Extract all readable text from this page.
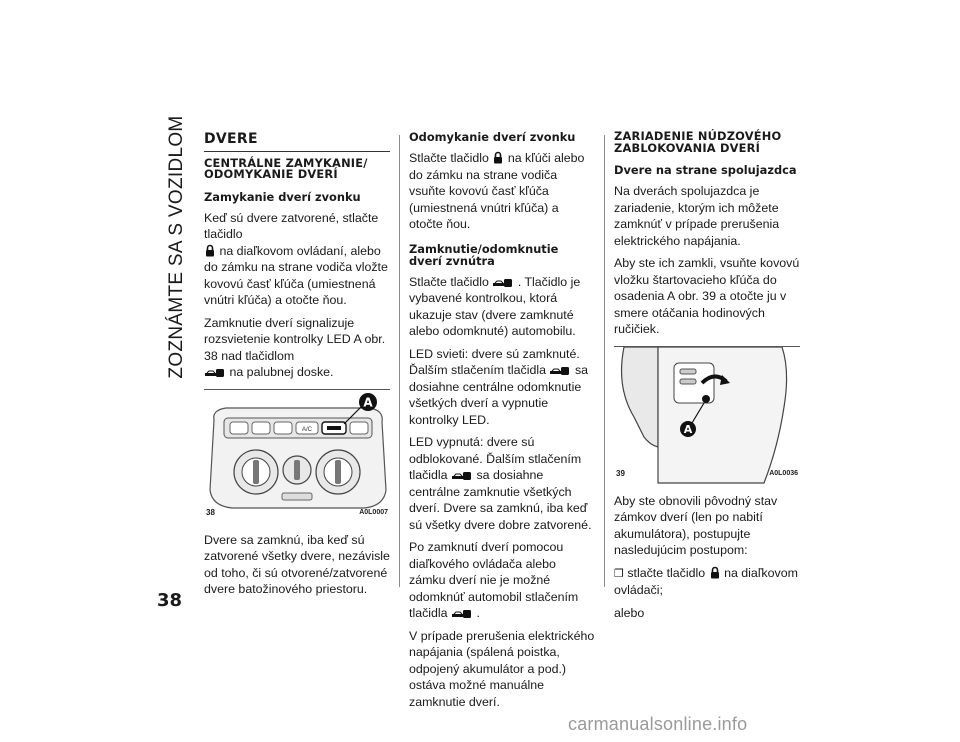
ZOZNÁMTE SA S VOZIDLOM
38
DVERE
CENTRÁLNE ZAMYKANIE/ ODOMYKANIE DVERÍ
Zamykanie dverí zvonku

Keď sú dvere zatvorené, stlačte tlačidlo
na diaľkovom ovládaní, alebo do zámku na strane vodiča vložte kovovú časť kľúča (umiestnená vnútri kľúča) a otočte ňou.

Zamknutie dverí signalizuje rozsvietenie kontrolky LED A obr. 38 nad tlačidlom
na palubnej doske.

A/C
A
38	A0L0007

Dvere sa zamknú, iba keď sú zatvorené všetky dvere, nezávisle od toho, či sú otvorené/zatvorené dvere batožinového priestoru.

Odomykanie dverí zvonku

Stlačte tlačidlo na kľúči alebo do zámku na strane vodiča vsuňte kovovú časť kľúča (umiestnená vnútri kľúča) a otočte ňou.

Zamknutie/odomknutie dverí zvnútra

Stlačte tlačidlo . Tlačidlo je vybavené kontrolkou, ktorá ukazuje stav (dvere zamknuté alebo odomknuté) automobilu.

LED svieti: dvere sú zamknuté. Ďalším stlačením tlačidla sa dosiahne centrálne odomknutie všetkých dverí a vypnutie kontrolky LED.

LED vypnutá: dvere sú odblokované. Ďalším stlačením tlačidla sa dosiahne centrálne zamknutie všetkých dverí. Dvere sa zamknú, iba keď sú všetky dvere dobre zatvorené.

Po zamknutí dverí pomocou diaľkového ovládača alebo zámku dverí nie je možné odomknúť automobil stlačením tlačidla .

V prípade prerušenia elektrického napájania (spálená poistka, odpojený akumulátor a pod.) ostáva možné manuálne zamknutie dverí.

ZARIADENIE NÚDZOVÉHO ZABLOKOVANIA DVERÍ
Dvere na strane spolujazdca

Na dverách spolujazdca je zariadenie, ktorým ich môžete zamknúť v prípade prerušenia elektrického napájania.

Aby ste ich zamkli, vsuňte kovovú vložku štartovacieho kľúča do osadenia A obr. 39 a otočte ju v smere otáčania hodinových ručičiek.

A
39	A0L0036

Aby ste obnovili pôvodný stav zámkov dverí (len po nabití akumulátora), postupujte nasledujúcim postupom:

❒ stlačte tlačidlo na diaľkovom ovládači;

alebo

carmanualsonline.info
